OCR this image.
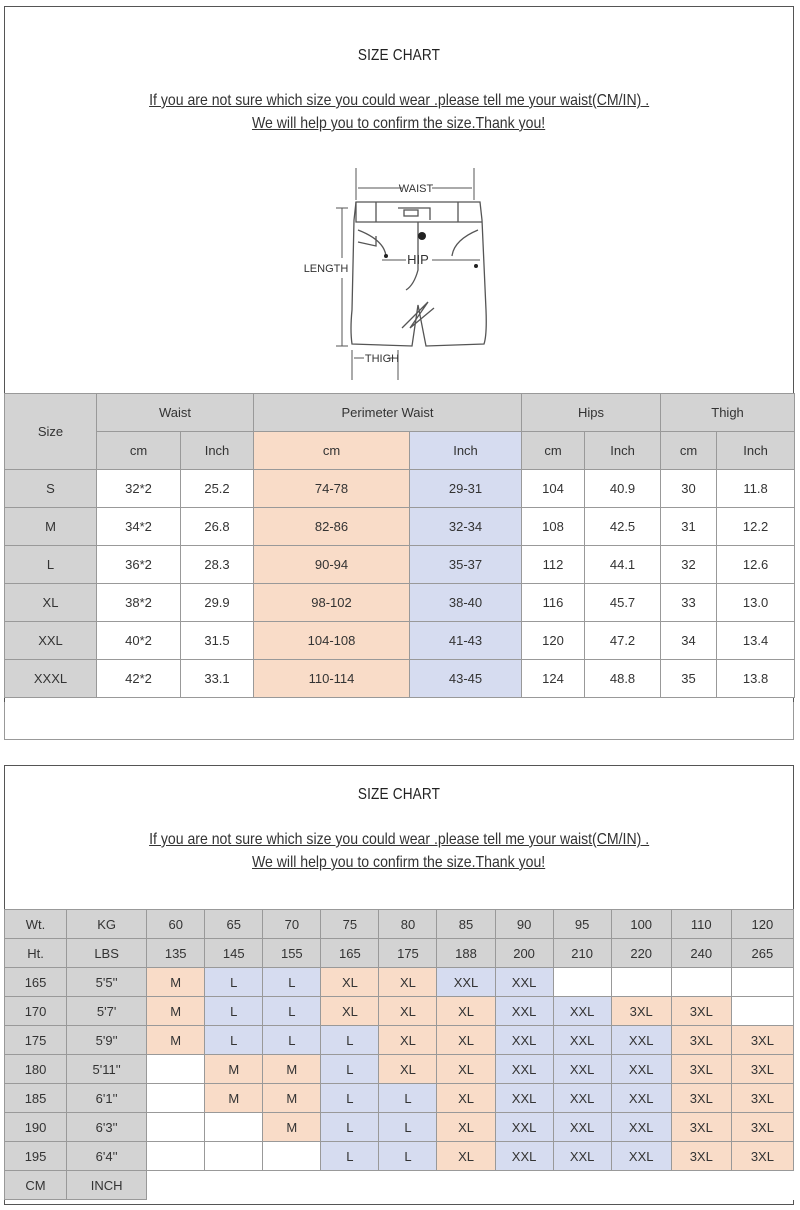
SIZE CHART
If you are not sure which size you could wear .please tell me your waist(CM/IN) .
We will help you to confirm the size.Thank you!
WAIST
HIP
LENGTH
THIGH
Size	Waist		Perimeter Waist		Hips		Thigh	
	cm	Inch	cm	Inch	cm	Inch	cm	Inch
S	32*2	25.2	74-78	29-31	104	40.9	30	11.8
M	34*2	26.8	82-86	32-34	108	42.5	31	12.2
L	36*2	28.3	90-94	35-37	112	44.1	32	12.6
XL	38*2	29.9	98-102	38-40	116	45.7	33	13.0
XXL	40*2	31.5	104-108	41-43	120	47.2	34	13.4
XXXL	42*2	33.1	110-114	43-45	124	48.8	35	13.8
SIZE CHART
If you are not sure which size you could wear .please tell me your waist(CM/IN) .
We will help you to confirm the size.Thank you!
Wt.	KG	60	65	70	75	80	85	90	95	100	110	120
Ht.	LBS	135	145	155	165	175	188	200	210	220	240	265
165	5'5''	M	L	L	XL	XL	XXL	XXL				
170	5'7'	M	L	L	XL	XL	XL	XXL	XXL	3XL	3XL	
175	5'9''	M	L	L	L	XL	XL	XXL	XXL	XXL	3XL	3XL
180	5'11''		M	M	L	XL	XL	XXL	XXL	XXL	3XL	3XL
185	6'1''		M	M	L	L	XL	XXL	XXL	XXL	3XL	3XL
190	6'3''			M	L	L	XL	XXL	XXL	XXL	3XL	3XL
195	6'4''				L	L	XL	XXL	XXL	XXL	3XL	3XL
CM	INCH											
